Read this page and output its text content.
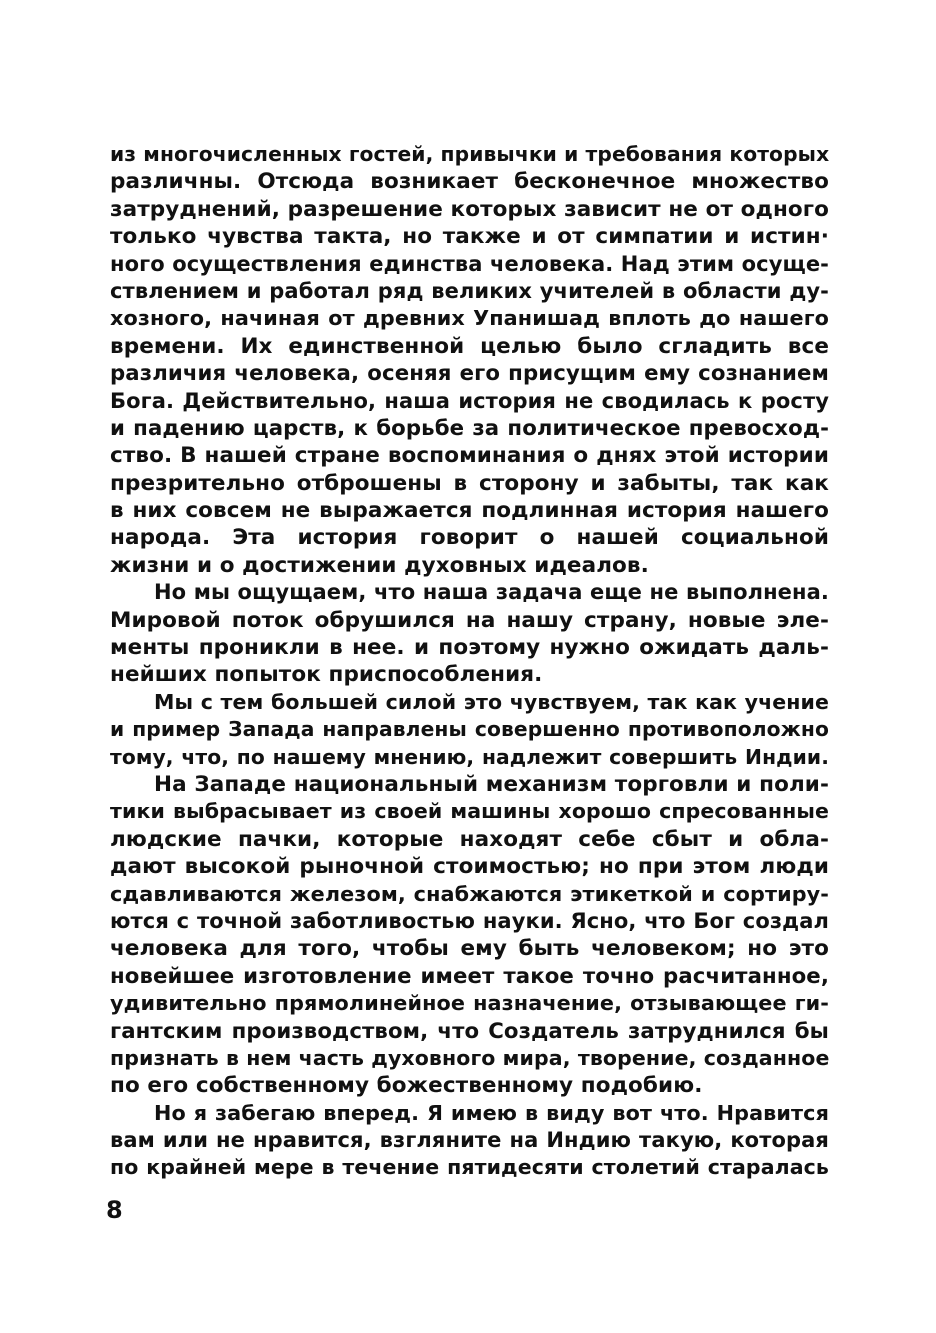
из многочисленных гостей, привычки и требования которых
различны. Отсюда возникает бесконечное множество
затруднений, разрешение которых зависит не от одного
только чувства такта, но также и от симпатии и истин·
ного осуществления единства человека. Над этим осуще-
ствлением и работал ряд великих учителей в области ду-
хозного, начиная от древних Упанишад вплоть до нашего
времени. Их единственной целью было сгладить все
различия человека, осеняя его присущим ему сознанием
Бога. Действительно, наша история не сводилась к росту
и падению царств, к борьбе за политическое превосход-
ство. В нашей стране воспоминания о днях этой истории
презрительно отброшены в сторону и забыты, так как
в них совсем не выражается подлинная история нашего
народа. Эта история говорит о нашей социальной
жизни и о достижении духовных идеалов.
Но мы ощущаем, что наша задача еще не выполнена.
Мировой поток обрушился на нашу страну, новые эле-
менты проникли в нее. и поэтому нужно ожидать даль-
нейших попыток приспособления.
Мы с тем большей силой это чувствуем, так как учение
и пример Запада направлены совершенно противоположно
тому, что, по нашему мнению, надлежит совершить Индии.
На Западе национальный механизм торговли и поли-
тики выбрасывает из своей машины хорошо спресованные
людские пачки, которые находят себе сбыт и обла-
дают высокой рыночной стоимостью; но при этом люди
сдавливаются железом, снабжаются этикеткой и сортиру-
ются с точной заботливостью науки. Ясно, что Бог создал
человека для того, чтобы ему быть человеком; но это
новейшее изготовление имеет такое точно расчитанное,
удивительно прямолинейное назначение, отзывающее ги-
гантским производством, что Создатель затруднился бы
признать в нем часть духовного мира, творение, созданное
по его собственному божественному подобию.
Но я забегаю вперед. Я имею в виду вот что. Нравится
вам или не нравится, взгляните на Индию такую, которая
по крайней мере в течение пятидесяти столетий старалась
8
